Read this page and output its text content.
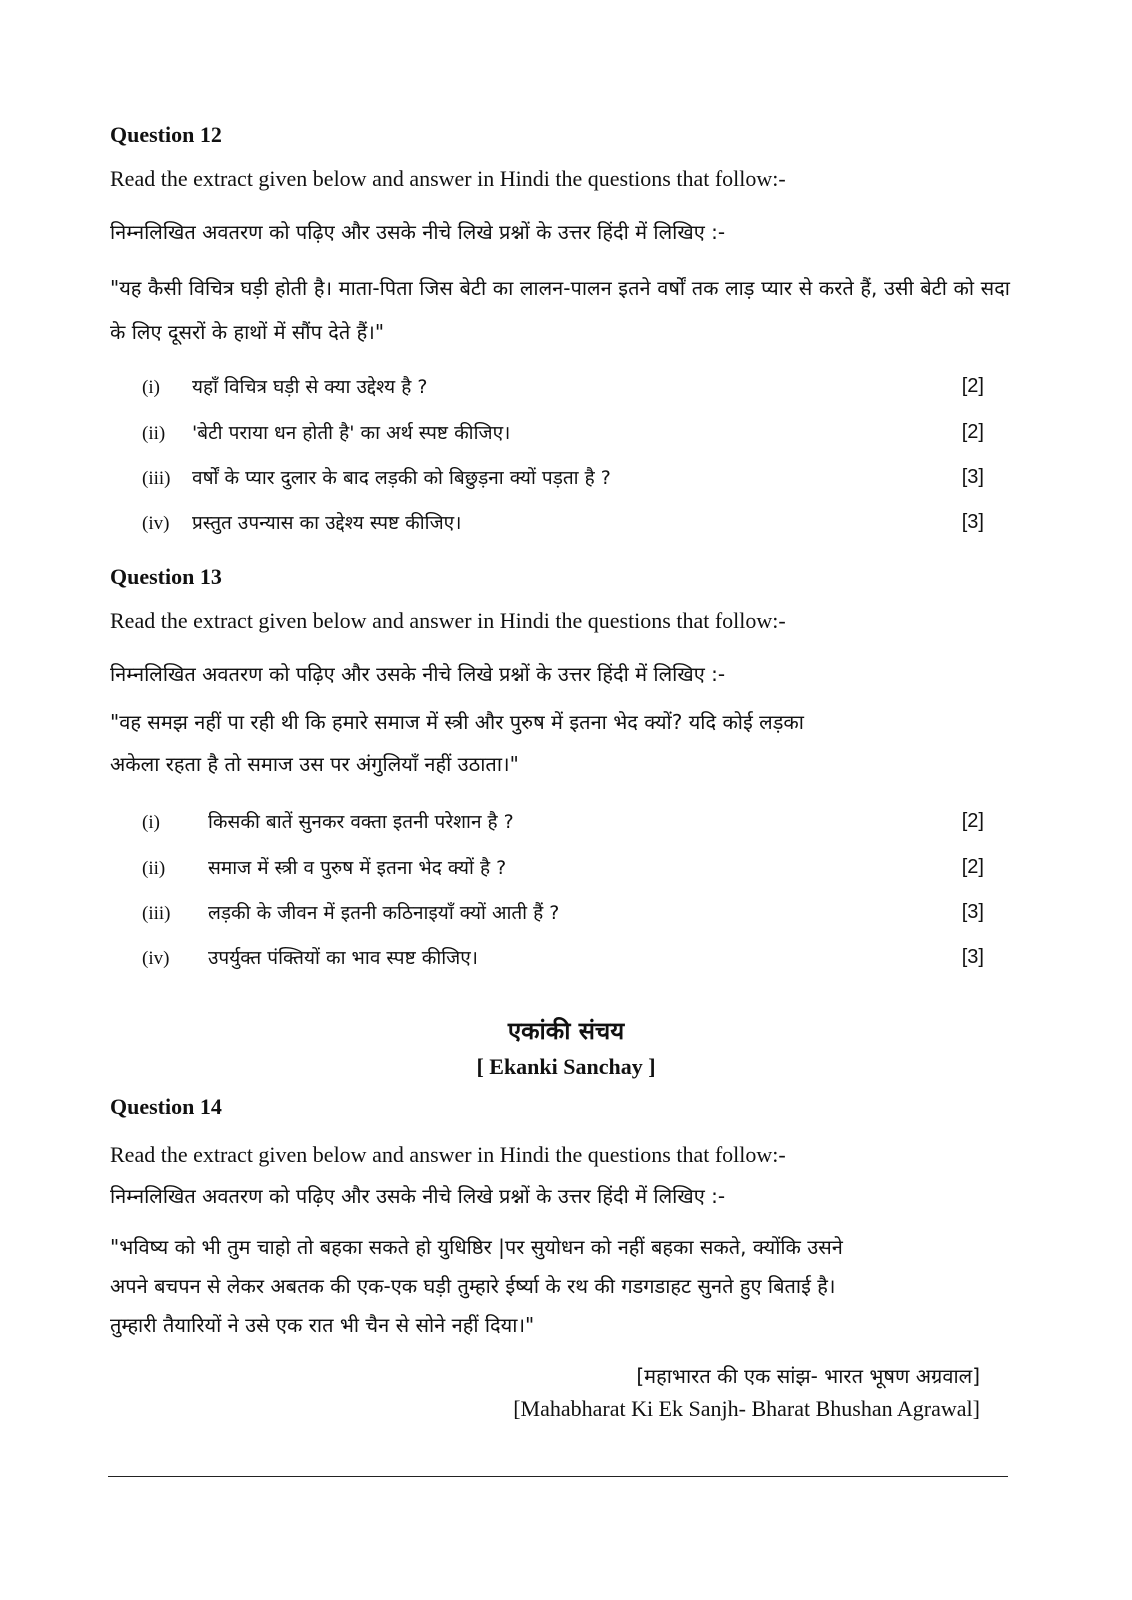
Question 12
Read the extract given below and answer in Hindi the questions that follow:-
निम्नलिखित अवतरण को पढ़िए और उसके नीचे लिखे प्रश्नों के उत्तर हिंदी में लिखिए :-
"यह कैसी विचित्र घड़ी होती है। माता-पिता जिस बेटी का लालन-पालन इतने वर्षों तक लाड़ प्यार से करते हैं, उसी बेटी को सदा के लिए दूसरों के हाथों में सौंप देते हैं।"
(i) यहाँ विचित्र घड़ी से क्या उद्देश्य है ?	[2]
(ii) 'बेटी पराया धन होती है' का अर्थ स्पष्ट कीजिए।	[2]
(iii) वर्षों के प्यार दुलार के बाद लड़की को बिछुड़ना क्यों पड़ता है ?	[3]
(iv) प्रस्तुत उपन्यास का उद्देश्य स्पष्ट कीजिए।	[3]
Question 13
Read the extract given below and answer in Hindi the questions that follow:-
निम्नलिखित अवतरण को पढ़िए और उसके नीचे लिखे प्रश्नों के उत्तर हिंदी में लिखिए :-
"वह समझ नहीं पा रही थी कि हमारे समाज में स्त्री और पुरुष में इतना भेद क्यों? यदि कोई लड़का
अकेला रहता है तो समाज उस पर अंगुलियाँ नहीं उठाता।"
(i)	किसकी बातें सुनकर वक्ता इतनी परेशान है ?	[2]
(ii) समाज में स्त्री व पुरुष में इतना भेद क्यों है ?	[2]
(iii) लड़की के जीवन में इतनी कठिनाइयाँ क्यों आती हैं ?	[3]
(iv) उपर्युक्त पंक्तियों का भाव स्पष्ट कीजिए।	[3]
एकांकी संचय
[ Ekanki Sanchay ]
Question 14
Read the extract given below and answer in Hindi the questions that follow:-
निम्नलिखित अवतरण को पढ़िए और उसके नीचे लिखे प्रश्नों के उत्तर हिंदी में लिखिए :-
"भविष्य को भी तुम चाहो तो बहका सकते हो युधिष्ठिर |पर सुयोधन को नहीं बहका सकते, क्योंकि उसने
अपने बचपन से लेकर अबतक की एक-एक घड़ी तुम्हारे ईर्ष्या के रथ की गडगडाहट सुनते हुए बिताई है।
तुम्हारी तैयारियों ने उसे एक रात भी चैन से सोने नहीं दिया।"
[महाभारत की एक सांझ- भारत भूषण अग्रवाल]
[Mahabharat Ki Ek Sanjh- Bharat Bhushan Agrawal]
